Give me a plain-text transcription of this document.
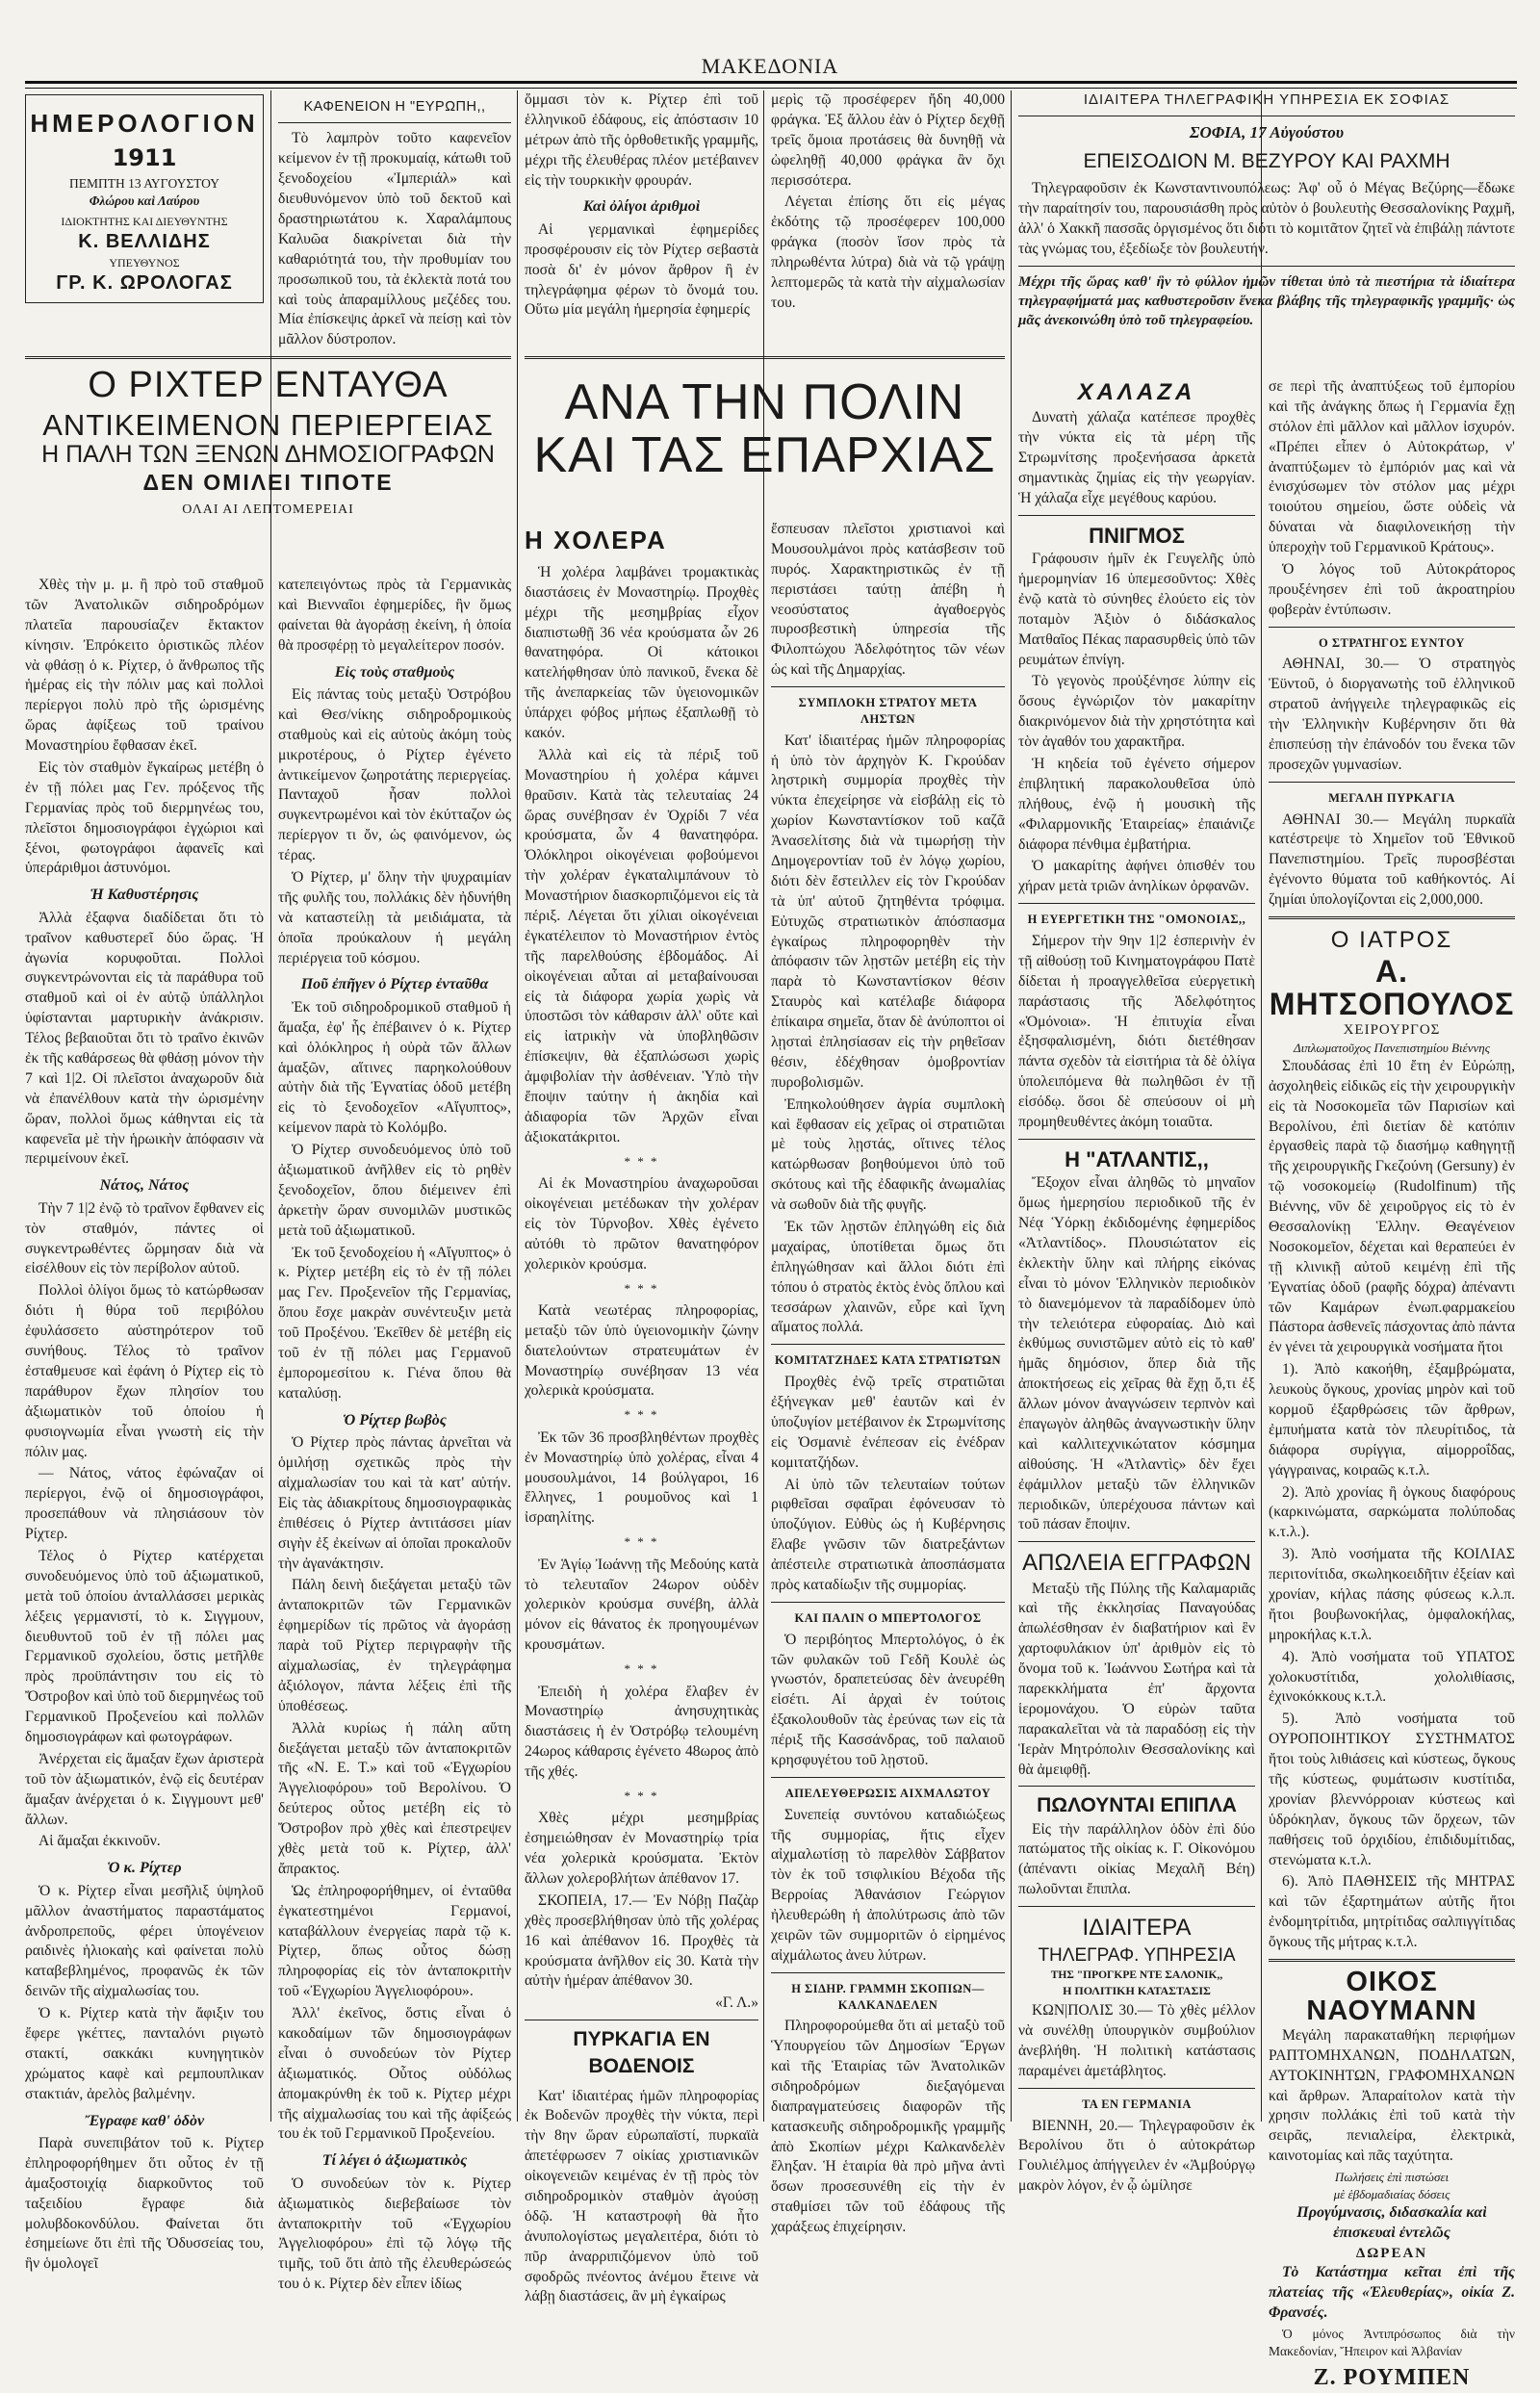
ΜΑΚΕΔΟΝΙΑ
ΗΜΕΡΟΛΟΓΙΟΝ
1911
ΠΕΜΠΤΗ 13 ΑΥΓΟΥΣΤΟΥ
Φλώρου καὶ Λαύρου
ΙΔΙΟΚΤΗΤΗΣ ΚΑΙ ΔΙΕΥΘΥΝΤΗΣ
Κ. ΒΕΛΛΙΔΗΣ
ΥΠΕΥΘΥΝΟΣ
ΓΡ. Κ. ΩΡΟΛΟΓΑΣ
ΚΑΦΕΝΕΙΟΝ Η "ΕΥΡΩΠΗ,,

Τὸ λαμπρὸν τοῦτο καφενεῖον κείμενον ἐν τῇ προκυμαίᾳ, κάτωθι τοῦ ξενοδοχείου «Ἰμπεριάλ» καὶ διευθυνόμενον ὑπὸ τοῦ δεκτοῦ καὶ δραστηριωτάτου κ. Χαραλάμπους Καλυῶα διακρίνεται διὰ τὴν καθαριότητά του, τὴν προθυμίαν του προσωπικοῦ του, τὰ ἐκλεκτὰ ποτά του καὶ τοὺς ἀπαραμίλλους μεζέδες του. Μία ἐπίσκεψις ἀρκεῖ νὰ πείσῃ καὶ τὸν μᾶλλον δύστροπον.

ὅμμασι τὸν κ. Ρίχτερ ἐπὶ τοῦ ἑλληνικοῦ ἐδάφους, εἰς ἀπόστασιν 10 μέτρων ἀπὸ τῆς ὀρθοθετικῆς γραμμῆς, μέχρι τῆς ἐλευθέρας πλέον μετέβαινεν εἰς τὴν τουρκικὴν φρουράν.

Καὶ ὀλίγοι ἀριθμοὶ

Αἱ γερμανικαὶ ἐφημερίδες προσφέρουσιν εἰς τὸν Ρίχτερ σεβαστὰ ποσὰ δι' ἐν μόνον ἄρθρον ἢ ἐν τηλεγράφημα φέρων τὸ ὄνομά του. Οὕτω μία μεγάλη ἡμερησία ἐφημερίς

μερὶς τῷ προσέφερεν ἤδη 40,000 φράγκα. Ἐξ ἄλλου ἐὰν ὁ Ρίχτερ δεχθῇ τρεῖς ὅμοια προτάσεις θὰ δυνηθῇ νὰ ὠφεληθῇ 40,000 φράγκα ἂν ὄχι περισσότερα.

Λέγεται ἐπίσης ὅτι εἰς μέγας ἐκδότης τῷ προσέφερεν 100,000 φράγκα (ποσὸν ἴσον πρὸς τὰ πληρωθέντα λύτρα) διὰ νὰ τῷ γράψῃ λεπτομερῶς τὰ κατὰ τὴν αἰχμαλωσίαν του.

Ο ΡΙΧΤΕΡ ΕΝΤΑΥΘΑ
ΑΝΤΙΚΕΙΜΕΝΟΝ ΠΕΡΙΕΡΓΕΙΑΣ
Η ΠΑΛΗ ΤΩΝ ΞΕΝΩΝ ΔΗΜΟΣΙΟΓΡΑΦΩΝ
ΔΕΝ ΟΜΙΛΕΙ ΤΙΠΟΤΕ
ΟΛΑΙ ΑΙ ΛΕΠΤΟΜΕΡΕΙΑΙ

Χθὲς τὴν μ. μ. ἢ πρὸ τοῦ σταθμοῦ τῶν Ἀνατολικῶν σιδηροδρόμων πλατεῖα παρουσίαζεν ἔκτακτον κίνησιν. Ἐπρόκειτο ὁριστικῶς πλέον νὰ φθάσῃ ὁ κ. Ρίχτερ, ὁ ἄνθρωπος τῆς ἡμέρας εἰς τὴν πόλιν μας καὶ πολλοὶ περίεργοι πολὺ πρὸ τῆς ὡρισμένης ὥρας ἀφίξεως τοῦ τραίνου Μοναστηρίου ἔφθασαν ἐκεῖ.

Εἰς τὸν σταθμὸν ἔγκαίρως μετέβη ὁ ἐν τῇ πόλει μας Γεν. πρόξενος τῆς Γερμανίας πρὸς τοῦ διερμηνέως του, πλεῖστοι δημοσιογράφοι ἐγχώριοι καὶ ξένοι, φωτογράφοι ἀφανεῖς καὶ ὑπεράριθμοι ἀστυνόμοι.

Ἡ Καθυστέρησις

Ἀλλὰ ἐξαφνα διαδίδεται ὅτι τὸ τραῖνον καθυστερεῖ δύο ὥρας. Ἡ ἀγωνία κορυφοῦται. Πολλοὶ συγκεντρώνονται εἰς τὰ παράθυρα τοῦ σταθμοῦ καὶ οἱ ἐν αὐτῷ ὑπάλληλοι ὑφίστανται μαρτυρικὴν ἀνάκρισιν. Τέλος βεβαιοῦται ὅτι τὸ τραῖνο ἐκινῶν ἐκ τῆς καθάρσεως θὰ φθάσῃ μόνον τὴν 7 καὶ 1|2. Οἱ πλεῖστοι ἀναχωροῦν διὰ νὰ ἐπανέλθουν κατὰ τὴν ὡρισμένην ὥραν, πολλοὶ ὅμως κάθηνται εἰς τὰ καφενεῖα μὲ τὴν ἡρωικὴν ἀπόφασιν νὰ περιμείνουν ἐκεῖ.

Νάτος, Νάτος

Τὴν 7 1|2 ἐνῷ τὸ τραῖνον ἔφθανεν εἰς τὸν σταθμόν, πάντες οἱ συγκεντρωθέντες ὥρμησαν διὰ νὰ εἰσέλθουν εἰς τὸν περίβολον αὐτοῦ.

Πολλοὶ ὀλίγοι ὅμως τὸ κατώρθωσαν διότι ἡ θύρα τοῦ περιβόλου ἐφυλάσσετο αὐστηρότερον τοῦ συνήθους. Τέλος τὸ τραῖνον ἐσταθμευσε καὶ ἐφάνη ὁ Ρίχτερ εἰς τὸ παράθυρον ἔχων πλησίον του ἀξιωματικὸν τοῦ ὁποίου ἡ φυσιογνωμία εἶναι γνωστὴ εἰς τὴν πόλιν μας.

— Νάτος, νάτος ἐφώναζαν οἱ περίεργοι, ἐνῷ οἱ δημοσιογράφοι, προσεπάθουν νὰ πλησιάσουν τὸν Ρίχτερ.

Τέλος ὁ Ρίχτερ κατέρχεται συνοδευόμενος ὑπὸ τοῦ ἀξιωματικοῦ, μετὰ τοῦ ὁποίου ἀνταλλάσσει μερικὰς λέξεις γερμανιστί, τὸ κ. Σιγγμουν, διευθυντοῦ τοῦ ἐν τῇ πόλει μας Γερμανικοῦ σχολείου, ὅστις μετῆλθε πρὸς προϋπάντησιν του εἰς τὸ Ὄστροβον καὶ ὑπὸ τοῦ διερμηνέως τοῦ Γερμανικοῦ Προξενείου καὶ πολλῶν δημοσιογράφων καὶ φωτογράφων.

Ἀνέρχεται εἰς ἅμαξαν ἔχων ἀριστερὰ τοῦ τὸν ἀξιωματικόν, ἐνῷ εἰς δευτέραν ἅμαξαν ἀνέρχεται ὁ κ. Σιγγμουντ μεθ' ἄλλων.

Αἱ ἅμαξαι ἐκκινοῦν.

Ὁ κ. Ρίχτερ

Ὁ κ. Ρίχτερ εἶναι μεσῆλιξ ὑψηλοῦ μᾶλλον ἀναστήματος παραστάματος ἀνδροπρεποῦς, φέρει ὑπογένειον ραιδινὲς ἡλιοκαὴς καὶ φαίνεται πολὺ καταβεβλημένος, προφανῶς ἐκ τῶν δεινῶν τῆς αἰχμαλωσίας του.

Ὁ κ. Ρίχτερ κατὰ τὴν ἄφιξιν του ἔφερε γκέττες, πανταλόνι ριγωτὸ στακτί, σακκάκι κυνηγητικὸν χρώματος καφὲ καὶ ρεμπουπλικαν στακτιάν, ἀρελὸς βαλμένην.

Ἔγραφε καθ' ὁδὸν

Παρὰ συνεπιβάτον τοῦ κ. Ρίχτερ ἐπληροφορήθημεν ὅτι οὗτος ἐν τῇ ἀμαξοστοιχίᾳ διαρκοῦντος τοῦ ταξειδίου ἔγραφε διὰ μολυβδοκονδύλου. Φαίνεται ὅτι ἐσημείωνε ὅτι ἐπὶ τῆς Ὀδυσσείας του, ἣν ὁμολογεῖ

κατεπειγόντως πρὸς τὰ Γερμανικὰς καὶ Βιενναῖοι ἐφημερίδες, ἣν ὅμως φαίνεται θὰ ἀγοράσῃ ἐκείνη, ἡ ὁποία θὰ προσφέρῃ τὸ μεγαλείτερον ποσόν.

Εἰς τοὺς σταθμοὺς

Εἰς πάντας τοὺς μεταξὺ Ὀστρόβου καὶ Θεσ/νίκης σιδηροδρομικοὺς σταθμοὺς καὶ εἰς αὐτοὺς ἀκόμη τοὺς μικροτέρους, ὁ Ρίχτερ ἐγένετο ἀντικείμενον ζωηροτάτης περιεργείας. Πανταχοῦ ἦσαν πολλοὶ συγκεντρωμένοι καὶ τὸν ἐκύτταζον ὡς περίεργον τι ὄν, ὡς φαινόμενον, ὡς τέρας.

Ὁ Ρίχτερ, μ' ὅλην τὴν ψυχραιμίαν τῆς φυλῆς του, πολλάκις δὲν ἠδυνήθη νὰ καταστείλῃ τὰ μειδιάματα, τὰ ὁποῖα προύκαλουν ἡ μεγάλη περιέργεια τοῦ κόσμου.

Ποῦ ἐπῆγεν ὁ Ρίχτερ ἐνταῦθα

Ἐκ τοῦ σιδηροδρομικοῦ σταθμοῦ ἡ ἅμαξα, ἐφ' ἧς ἐπέβαινεν ὁ κ. Ρίχτερ καὶ ὁλόκληρος ἡ οὐρὰ τῶν ἄλλων ἁμαξῶν, αἵτινες παρηκολούθουν αὐτὴν διὰ τῆς Ἐγνατίας ὁδοῦ μετέβη εἰς τὸ ξενοδοχεῖον «Αἴγυπτος», κείμενον παρὰ τὸ Κολόμβο.

Ὁ Ρίχτερ συνοδευόμενος ὑπὸ τοῦ ἀξιωματικοῦ ἀνῆλθεν εἰς τὸ ρηθὲν ξενοδοχεῖον, ὅπου διέμεινεν ἐπὶ ἀρκετὴν ὥραν συνομιλῶν μυστικῶς μετὰ τοῦ ἀξιωματικοῦ.

Ἐκ τοῦ ξενοδοχείου ἡ «Αἴγυπτος» ὁ κ. Ρίχτερ μετέβη εἰς τὸ ἐν τῇ πόλει μας Γεν. Προξενεῖον τῆς Γερμανίας, ὅπου ἔσχε μακρὰν συνέντευξιν μετὰ τοῦ Προξένου. Ἐκεῖθεν δὲ μετέβη εἰς τοῦ ἐν τῇ πόλει μας Γερμανοῦ ἐμπορομεσίτου κ. Γιένα ὅπου θὰ καταλύσῃ.

Ὁ Ρίχτερ βωβὸς

Ὁ Ρίχτερ πρὸς πάντας ἀρνεῖται νὰ ὁμιλήσῃ σχετικῶς πρὸς τὴν αἰχμαλωσίαν του καὶ τὰ κατ' αὐτήν. Εἰς τὰς ἀδιακρίτους δημοσιογραφικὰς ἐπιθέσεις ὁ Ρίχτερ ἀντιτάσσει μίαν σιγὴν ἐξ ἐκείνων αἱ ὁποῖαι προκαλοῦν τὴν ἀγανάκτησιν.

Πάλη δεινὴ διεξάγεται μεταξὺ τῶν ἀνταποκριτῶν τῶν Γερμανικῶν ἐφημερίδων τίς πρῶτος νὰ ἀγοράσῃ παρὰ τοῦ Ρίχτερ περιγραφὴν τῆς αἰχμαλωσίας, ἐν τηλεγράφημα ἀξιόλογον, πάντα λέξεις ἐπὶ τῆς ὑποθέσεως.

Ἀλλὰ κυρίως ἡ πάλη αὕτη διεξάγεται μεταξὺ τῶν ἀνταποκριτῶν τῆς «Ν. Ε. Τ.» καὶ τοῦ «Ἐγχωρίου Ἀγγελιοφόρου» τοῦ Βερολίνου. Ὁ δεύτερος οὗτος μετέβη εἰς τὸ Ὄστροβον πρὸ χθὲς καὶ ἐπεστρεψεν χθὲς μετὰ τοῦ κ. Ρίχτερ, ἀλλ' ἄπρακτος.

Ὡς ἐπληροφορήθημεν, οἱ ἐνταῦθα ἐγκατεστημένοι Γερμανοί, καταβάλλουν ἐνεργείας παρὰ τῷ κ. Ρίχτερ, ὅπως οὗτος δώσῃ πληροφορίας εἰς τὸν ἀνταποκριτὴν τοῦ «Ἐγχωρίου Ἀγγελιοφόρου».

Ἀλλ' ἐκεῖνος, ὅστις εἶναι ὁ κακοδαίμων τῶν δημοσιογράφων εἶναι ὁ συνοδεύων τὸν Ρίχτερ ἀξιωματικός. Οὗτος οὐδόλως ἀπομακρύνθη ἐκ τοῦ κ. Ρίχτερ μέχρι τῆς αἰχμαλωσίας του καὶ τῆς ἀφίξεώς του ἐκ τοῦ Γερμανικοῦ Προξενείου.

Τί λέγει ὁ ἀξιωματικὸς

Ὁ συνοδεύων τὸν κ. Ρίχτερ ἀξιωματικὸς διεβεβαίωσε τὸν ἀνταποκριτὴν τοῦ «Ἐγχωρίου Ἀγγελιοφόρου» ἐπὶ τῷ λόγῳ τῆς τιμῆς, τοῦ ὅτι ἀπὸ τῆς ἐλευθερώσεώς του ὁ κ. Ρίχτερ δὲν εἶπεν ἰδίως

ΑΝΑ ΤΗΝ ΠΟΛΙΝ
ΚΑΙ ΤΑΣ ΕΠΑΡΧΙΑΣ
Η ΧΟΛΕΡΑ

Ἡ χολέρα λαμβάνει τρομακτικὰς διαστάσεις ἐν Μοναστηρίῳ. Προχθὲς μέχρι τῆς μεσημβρίας εἶχον διαπιστωθῇ 36 νέα κρούσματα ὧν 26 θανατηφόρα. Οἱ κάτοικοι κατελήφθησαν ὑπὸ πανικοῦ, ἕνεκα δὲ τῆς ἀνεπαρκείας τῶν ὑγειονομικῶν ὑπάρχει φόβος μήπως ἐξαπλωθῇ τὸ κακόν.

Ἀλλὰ καὶ εἰς τὰ πέριξ τοῦ Μοναστηρίου ἡ χολέρα κάμνει θραῦσιν. Κατὰ τὰς τελευταίας 24 ὥρας συνέβησαν ἐν Ὀχρίδι 7 νέα κρούσματα, ὧν 4 θανατηφόρα. Ὁλόκληροι οἰκογένειαι φοβούμενοι τὴν χολέραν ἐγκαταλιμπάνουν τὸ Μοναστήριον διασκορπιζόμενοι εἰς τὰ πέριξ. Λέγεται ὅτι χίλιαι οἰκογένειαι ἐγκατέλειπον τὸ Μοναστήριον ἐντὸς τῆς παρελθούσης ἑβδομάδος. Αἱ οἰκογένειαι αὗται αἱ μεταβαίνουσαι εἰς τὰ διάφορα χωρία χωρὶς νὰ ὑποστῶσι τὸν κάθαρσιν ἀλλ' οὔτε καὶ εἰς ἰατρικὴν νὰ ὑποβληθῶσιν ἐπίσκεψιν, θὰ ἐξαπλώσωσι χωρὶς ἀμφιβολίαν τὴν ἀσθένειαν. Ὑπὸ τὴν ἔποψιν ταύτην ἡ ἀκηδία καὶ ἀδιαφορία τῶν Ἀρχῶν εἶναι ἀξιοκατάκριτοι.

* * *

Αἱ ἐκ Μοναστηρίου ἀναχωροῦσαι οἰκογένειαι μετέδωκαν τὴν χολέραν εἰς τὸν Τύρνοβον. Χθὲς ἐγένετο αὐτόθι τὸ πρῶτον θανατηφόρον χολερικὸν κρούσμα.

* * *

Κατὰ νεωτέρας πληροφορίας, μεταξὺ τῶν ὑπὸ ὑγειονομικὴν ζώνην διατελούντων στρατευμάτων ἐν Μοναστηρίῳ συνέβησαν 13 νέα χολερικὰ κρούσματα.

* * *

Ἐκ τῶν 36 προσβληθέντων προχθὲς ἐν Μοναστηρίῳ ὑπὸ χολέρας, εἶναι 4 μουσουλμάνοι, 14 βούλγαροι, 16 ἕλληνες, 1 ρουμοῦνος καὶ 1 ἰσραηλίτης.

* * *

Ἐν Ἁγίῳ Ἰωάννῃ τῆς Μεδούης κατὰ τὸ τελευταῖον 24ωρον οὐδὲν χολερικὸν κρούσμα συνέβη, ἀλλὰ μόνον εἰς θάνατος ἐκ προηγουμένων κρουσμάτων.

* * *

Ἐπειδὴ ἡ χολέρα ἔλαβεν ἐν Μοναστηρίῳ ἀνησυχητικὰς διαστάσεις ἡ ἐν Ὀστρόβῳ τελουμένη 24ωρος κάθαρσις ἐγένετο 48ωρος ἀπὸ τῆς χθές.

* * *

Χθὲς μέχρι μεσημβρίας ἐσημειώθησαν ἐν Μοναστηρίῳ τρία νέα χολερικὰ κρούσματα. Ἐκτὸν ἄλλων χολεροβλήτων ἀπέθανον 17.

ΣΚΟΠΕΙΑ, 17.— Ἐν Νόβῃ Παζὰρ χθὲς προσεβλήθησαν ὑπὸ τῆς χολέρας 16 καὶ ἀπέθανον 16. Προχθὲς τὰ κρούσματα ἀνῆλθον εἰς 30. Κατὰ τὴν αὐτὴν ἡμέραν ἀπέθανον 30.

«Γ. Λ.»
ΠΥΡΚΑΓΙΑ ΕΝ ΒΟΔΕΝΟΙΣ

Κατ' ἰδιαιτέρας ἡμῶν πληροφορίας ἐκ Βοδενῶν προχθὲς τὴν νύκτα, περὶ τὴν 8ην ὥραν εὐρωπαϊστί, πυρκαϊὰ ἀπετέφρωσεν 7 οἰκίας χριστιανικῶν οἰκογενειῶν κειμένας ἐν τῇ πρὸς τὸν σιδηροδρομικὸν σταθμὸν ἀγούσῃ ὁδῷ. Ἡ καταστροφὴ θὰ ἦτο ἀνυπολογίστως μεγαλειτέρα, διότι τὸ πῦρ ἀναρριπιζόμενον ὑπὸ τοῦ σφοδρῶς πνέοντος ἀνέμου ἔτεινε νὰ λάβῃ διαστάσεις, ἂν μὴ ἐγκαίρως

ἔσπευσαν πλεῖστοι χριστιανοὶ καὶ Μουσουλμάνοι πρὸς κατάσβεσιν τοῦ πυρός. Χαρακτηριστικῶς ἐν τῇ περιστάσει ταύτῃ ἀπέβη ἡ νεοσύστατος ἀγαθοεργὸς πυροσβεστικὴ ὑπηρεσία τῆς Φιλοπτώχου Ἀδελφότητος τῶν νέων ὡς καὶ τῆς Δημαρχίας.

ΣΥΜΠΛΟΚΗ ΣΤΡΑΤΟΥ ΜΕΤΑ ΛΗΣΤΩΝ

Κατ' ἰδιαιτέρας ἡμῶν πληροφορίας ἡ ὑπὸ τὸν ἀρχηγὸν Κ. Γκρούδαν ληστρικὴ συμμορία προχθὲς τὴν νύκτα ἐπεχείρησε νὰ εἰσβάλῃ εἰς τὸ χωρίον Κωνσταντίσκον τοῦ καζᾶ Ἀνασελίτσης διὰ νὰ τιμωρήσῃ τὴν Δημογεροντίαν τοῦ ἐν λόγῳ χωρίου, διότι δὲν ἔστειλλεν εἰς τὸν Γκρούδαν τὰ ὑπ' αὐτοῦ ζητηθέντα τρόφιμα. Εὐτυχῶς στρατιωτικὸν ἀπόσπασμα ἐγκαίρως πληροφορηθὲν τὴν ἀπόφασιν τῶν λῃστῶν μετέβη εἰς τὴν παρὰ τὸ Κωνσταντίσκον θέσιν Σταυρὸς καὶ κατέλαβε διάφορα ἐπίκαιρα σημεῖα, ὅταν δὲ ἀνύποπτοι οἱ λῃσταὶ ἐπλησίασαν εἰς τὴν ρηθεῖσαν θέσιν, ἐδέχθησαν ὁμοβροντίαν πυροβολισμῶν.

Ἐπηκολούθησεν ἀγρία συμπλοκὴ καὶ ἔφθασαν εἰς χεῖρας οἱ στρατιῶται μὲ τοὺς λῃστάς, οἵτινες τέλος κατώρθωσαν βοηθούμενοι ὑπὸ τοῦ σκότους καὶ τῆς ἐδαφικῆς ἀνωμαλίας νὰ σωθοῦν διὰ τῆς φυγῆς.

Ἐκ τῶν λῃστῶν ἐπληγώθη εἰς διὰ μαχαίρας, ὑποτίθεται ὅμως ὅτι ἐπληγώθησαν καὶ ἄλλοι διότι ἐπὶ τόπου ὁ στρατὸς ἐκτὸς ἑνὸς ὅπλου καὶ τεσσάρων χλαινῶν, εὗρε καὶ ἴχνη αἵματος πολλά.

ΚΟΜΙΤΑΤΖΗΔΕΣ ΚΑΤΑ ΣΤΡΑΤΙΩΤΩΝ

Προχθὲς ἐνῷ τρεῖς στρατιῶται ἐξήνεγκαν μεθ' ἑαυτῶν καὶ ἐν ὑποζυγίον μετέβαινον ἐκ Στρωμνίτσης εἰς Ὀσμανιὲ ἐνέπεσαν εἰς ἐνέδραν κομιτατζήδων.

Αἱ ὑπὸ τῶν τελευταίων τούτων ριφθεῖσαι σφαῖραι ἐφόνευσαν τὸ ὑποζύγιον. Εὐθὺς ὡς ἡ Κυβέρνησις ἔλαβε γνῶσιν τῶν διατρεξάντων ἀπέστειλε στρατιωτικὰ ἀποσπάσματα πρὸς καταδίωξιν τῆς συμμορίας.

ΚΑΙ ΠΑΛΙΝ Ο ΜΠΕΡΤΟΛΟΓΟΣ

Ὁ περιβόητος Μπερτολόγος, ὁ ἐκ τῶν φυλακῶν τοῦ Γεδῆ Κουλὲ ὡς γνωστόν, δραπετεύσας δὲν ἀνευρέθη εἰσέτι. Αἱ ἀρχαὶ ἐν τούτοις ἐξακολουθοῦν τὰς ἐρεύνας των εἰς τὰ πέριξ τῆς Κασσάνδρας, τοῦ παλαιοῦ κρησφυγέτου τοῦ λῃστοῦ.

ΑΠΕΛΕΥΘΕΡΩΣΙΣ ΑΙΧΜΑΛΩΤΟΥ

Συνεπείᾳ συντόνου καταδιώξεως τῆς συμμορίας, ἥτις εἶχεν αἰχμαλωτίσῃ τὸ παρελθὸν Σάββατον τὸν ἐκ τοῦ τσιφλικίου Βέχοδα τῆς Βερροίας Ἀθανάσιον Γεώργιον ἠλευθερώθη ἡ ἀπολύτρωσις ἀπὸ τῶν χειρῶν τῶν συμμοριτῶν ὁ εἰρημένος αἰχμάλωτος ἀνευ λύτρων.

Η ΣΙΔΗΡ. ΓΡΑΜΜΗ ΣΚΟΠΙΩΝ—ΚΑΛΚΑΝΔΕΛΕΝ

Πληροφορούμεθα ὅτι αἱ μεταξὺ τοῦ Ὑπουργείου τῶν Δημοσίων Ἔργων καὶ τῆς Ἑταιρίας τῶν Ἀνατολικῶν σιδηροδρόμων διεξαγόμεναι διαπραγματεύσεις διαφορῶν τῆς κατασκευῆς σιδηροδρομικῆς γραμμῆς ἀπὸ Σκοπίων μέχρι Καλκανδελὲν ἔληξαν. Ἡ ἑταιρία θὰ πρὸ μῆνα ἀντὶ ὅσων προσεσυνέθη εἰς τὴν ἐν σταθμίσει τῶν τοῦ ἐδάφους τῆς χαράξεως ἐπιχείρησιν.

ΙΔΙΑΙΤΕΡΑ ΤΗΛΕΓΡΑΦΙΚΗ ΥΠΗΡΕΣΙΑ ΕΚ ΣΟΦΙΑΣ
ΣΟΦΙΑ, 17 Αὐγούστου
ΕΠΕΙΣΟΔΙΟΝ Μ. ΒΕΖΥΡΟΥ ΚΑΙ ΡΑΧΜΗ

Τηλεγραφοῦσιν ἐκ Κωνσταντινουπόλεως: Ἀφ' οὗ ὁ Μέγας Βεζύρης—ἔδωκε τὴν παραίτησίν του, παρουσιάσθη πρὸς αὐτὸν ὁ βουλευτὴς Θεσσαλονίκης Ραχμῆ, ἀλλ' ὁ Χακκῆ πασσᾶς ὀργισμένος ὅτι διότι τὸ κομιτᾶτον ζητεῖ νὰ ἐπιβάλῃ πάντοτε τὰς γνώμας του, ἐξεδίωξε τὸν βουλευτήν.

Μέχρι τῆς ὥρας καθ' ἣν τὸ φύλλον ἡμῶν τίθεται ὑπὸ τὰ πιεστήρια τὰ ἰδιαίτερα τηλεγραφήματά μας καθυστεροῦσιν ἕνεκα βλάβης τῆς τηλεγραφικῆς γραμμῆς· ὡς μᾶς ἀνεκοινώθη ὑπὸ τοῦ τηλεγραφείου.

ΧΑΛΑΖΑ

Δυνατὴ χάλαζα κατέπεσε προχθὲς τὴν νύκτα εἰς τὰ μέρη τῆς Στρωμνίτσης προξενήσασα ἀρκετὰ σημαντικὰς ζημίας εἰς τὴν γεωργίαν. Ἡ χάλαζα εἶχε μεγέθους καρύου.

ΠΝΙΓΜΟΣ

Γράφουσιν ἡμῖν ἐκ Γευγελῆς ὑπὸ ἡμερομηνίαν 16 ὑπεμεσοῦντος: Χθὲς ἐνῷ κατὰ τὸ σύνηθες ἐλούετο εἰς τὸν ποταμὸν Ἀξιὸν ὁ διδάσκαλος Ματθαῖος Πέκας παρασυρθεὶς ὑπὸ τῶν ρευμάτων ἐπνίγη.

Τὸ γεγονὸς προὐξένησε λύπην εἰς ὅσους ἐγνώριζον τὸν μακαρίτην διακρινόμενον διὰ τὴν χρηστότητα καὶ τὸν ἀγαθόν του χαρακτῆρα.

Ἡ κηδεία τοῦ ἐγένετο σήμερον ἐπιβλητική παρακολουθεῖσα ὑπὸ πλήθους, ἐνῷ ἡ μουσικὴ τῆς «Φιλαρμονικῆς Ἑταιρείας» ἐπαιάνιζε διάφορα πένθιμα ἐμβατήρια.

Ὁ μακαρίτης ἀφήνει ὀπισθέν του χήραν μετὰ τριῶν ἀνηλίκων ὀρφανῶν.

Η ΕΥΕΡΓΕΤΙΚΗ ΤΗΣ "ΟΜΟΝΟΙΑΣ,,

Σήμερον τὴν 9ην 1|2 ἑσπερινὴν ἐν τῇ αἰθούσῃ τοῦ Κινηματογράφου Πατὲ δίδεται ἡ προαγγελθεῖσα εὐεργετικὴ παράστασις τῆς Ἀδελφότητος «Ὁμόνοια». Ἡ ἐπιτυχία εἶναι ἐξησφαλισμένη, διότι διετέθησαν πάντα σχεδὸν τὰ εἰσιτήρια τὰ δὲ ὀλίγα ὑπολειπόμενα θὰ πωληθῶσι ἐν τῇ εἰσόδῳ. ὅσοι δὲ σπεύσουν οἱ μὴ προμηθευθέντες ἀκόμη τοιαῦτα.

Η "ΑΤΛΑΝΤΙΣ,,

Ἔξοχον εἶναι ἀληθῶς τὸ μηναῖον ὅμως ἡμερησίου περιοδικοῦ τῆς ἐν Νέᾳ Ὑόρκῃ ἐκδιδομένης ἐφημερίδος «Ἀτλαντίδος». Πλουσιώτατον εἰς ἐκλεκτὴν ὕλην καὶ πλήρης εἰκόνας εἶναι τὸ μόνον Ἑλληνικὸν περιοδικὸν τὸ διανεμόμενον τὰ παραδίδομεν ὑπὸ τὴν τελειότερα εὐφοραίας. Διὸ καὶ ἐκθύμως συνιστῶμεν αὐτὸ εἰς τὸ καθ' ἡμᾶς δημόσιον, ὅπερ διὰ τῆς ἀποκτήσεως εἰς χεῖρας θὰ ἔχῃ ὅ,τι ἐξ ἄλλων μόνον ἀναγνώσειν τερπνὸν καὶ ἐπαγωγὸν ἀληθῶς ἀναγνωστικὴν ὕλην καὶ καλλιτεχνικώτατον κόσμημα αἰθούσης. Ἡ «Ἀτλαντὶς» δὲν ἔχει ἐφάμιλλον μεταξὺ τῶν ἑλληνικῶν περιοδικῶν, ὑπερέχουσα πάντων καὶ τοῦ πάσαν ἔποψιν.

ΑΠΩΛΕΙΑ ΕΓΓΡΑΦΩΝ

Μεταξὺ τῆς Πύλης τῆς Καλαμαριᾶς καὶ τῆς ἐκκλησίας Παναγούδας ἀπωλέσθησαν ἐν διαβατήριον καὶ ἓν χαρτοφυλάκιον ὑπ' ἀριθμὸν εἰς τὸ ὄνομα τοῦ κ. Ἰωάννου Σωτήρα καὶ τὰ παρεκκλήματα ἐπ' ἄρχοντα ἱερομονάχου. Ὁ εὑρὼν ταῦτα παρακαλεῖται νὰ τὰ παραδόσῃ εἰς τὴν Ἱερὰν Μητρόπολιν Θεσσαλονίκης καὶ θὰ ἀμειφθῇ.

ΠΩΛΟΥΝΤΑΙ ΕΠΙΠΛΑ

Εἰς τὴν παράλληλον ὁδὸν ἐπὶ δύο πατώματος τῆς οἰκίας κ. Γ. Οἰκονόμου (ἀπέναντι οἰκίας Μεχαλῆ Βέη) πωλοῦνται ἔπιπλα.

ΙΔΙΑΙΤΕΡΑ
ΤΗΛΕΓΡΑΦ. ΥΠΗΡΕΣΙΑ
ΤΗΣ "ΠΡΟΓΚΡΕ ΝΤΕ ΣΑΛΟΝΙΚ,,
Η ΠΟΛΙΤΙΚΗ ΚΑΤΑΣΤΑΣΙΣ

ΚΩΝ|ΠΟΛΙΣ 30.— Τὸ χθὲς μέλλον νὰ συνέλθῃ ὑπουργικὸν συμβούλιον ἀνεβλήθη. Ἡ πολιτικὴ κατάστασις παραμένει ἀμετάβλητος.

ΤΑ ΕΝ ΓΕΡΜΑΝΙΑ

ΒΙΕΝΝΗ, 20.— Τηλεγραφοῦσιν ἐκ Βερολίνου ὅτι ὁ αὐτοκράτωρ Γουλιέλμος ἀπήγγειλεν ἐν «Ἀμβούργῳ μακρὸν λόγον, ἐν ᾧ ὡμίλησε

σε περὶ τῆς ἀναπτύξεως τοῦ ἐμπορίου καὶ τῆς ἀνάγκης ὅπως ἡ Γερμανία ἔχῃ στόλον ἐπὶ μᾶλλον καὶ μᾶλλον ἰσχυρόν. «Πρέπει εἶπεν ὁ Αὐτοκράτωρ, ν' ἀναπτύξωμεν τὸ ἐμπόριόν μας καὶ νὰ ἐνισχύσωμεν τὸν στόλον μας μέχρι τοιούτου σημείου, ὥστε οὐδεὶς νὰ δύναται νὰ διαφιλονεικήσῃ τὴν ὑπεροχὴν τοῦ Γερμανικοῦ Κράτους».

Ὁ λόγος τοῦ Αὐτοκράτορος προυξένησεν ἐπὶ τοῦ ἀκροατηρίου φοβερὰν ἐντύπωσιν.

Ο ΣΤΡΑΤΗΓΟΣ ΕΥΝΤΟΥ

ΑΘΗΝΑΙ, 30.— Ὁ στρατηγὸς Ἐϋντοῦ, ὁ διοργανωτὴς τοῦ ἑλληνικοῦ στρατοῦ ἀνήγγειλε τηλεγραφικῶς εἰς τὴν Ἑλληνικὴν Κυβέρνησιν ὅτι θὰ ἐπισπεύσῃ τὴν ἐπάνοδόν του ἕνεκα τῶν προσεχῶν γυμνασίων.

ΜΕΓΑΛΗ ΠΥΡΚΑΓΙΑ

ΑΘΗΝΑΙ 30.— Μεγάλη πυρκαϊὰ κατέστρεψε τὸ Χημεῖον τοῦ Ἐθνικοῦ Πανεπιστημίου. Τρεῖς πυροσβέσται ἐγένοντο θύματα τοῦ καθήκοντός. Αἱ ζημίαι ὑπολογίζονται εἰς 2,000,000.

Ο ΙΑΤΡΟΣ
Α. ΜΗΤΣΟΠΟΥΛΟΣ
ΧΕΙΡΟΥΡΓΟΣ
Διπλωματοῦχος Πανεπιστημίου Βιέννης

Σπουδάσας ἐπὶ 10 ἔτη ἐν Εὐρώπῃ, ἀσχοληθεὶς εἰδικῶς εἰς τὴν χειρουργικὴν εἰς τὰ Νοσοκομεῖα τῶν Παρισίων καὶ Βερολίνου, ἐπὶ διετίαν δὲ κατόπιν ἐργασθεὶς παρὰ τῷ διασήμῳ καθηγητῇ τῆς χειρουργικῆς Γκεζούνη (Gersuny) ἐν τῷ νοσοκομείῳ (Rudolfinum) τῆς Βιέννης, νῦν δὲ χειροῦργος εἰς τὸ ἐν Θεσσαλονίκῃ Ἑλλην. Θεαγένειον Νοσοκομεῖον, δέχεται καὶ θεραπεύει ἐν τῇ κλινικῇ αὐτοῦ κειμένῃ ἐπὶ τῆς Ἐγνατίας ὁδοῦ (ραφῆς δόχρα) ἀπέναντι τῶν Καμάρων ἐνωπ.φαρμακείου Πάστορα ἀσθενεῖς πάσχοντας ἀπὸ πάντα ἐν γένει τὰ χειρουργικὰ νοσήματα ἤτοι

1). Ἀπὸ κακοήθη, ἐξαμβρώματα, λευκοὺς ὄγκους, χρονίας μηρὸν καὶ τοῦ κορμοῦ ἐξαρθρώσεις τῶν ἄρθρων, ἐμπυήματα κατὰ τὸν πλευρίτιδος, τὰ διάφορα συρίγγια, αἱμορροΐδας, γάγγραινας, κοιραῶς κ.τ.λ.

2). Ἀπὸ χρονίας ἢ ὀγκους διαφόρους (καρκινώματα, σαρκώματα πολύποδας κ.τ.λ.).

3). Ἀπὸ νοσήματα τῆς ΚΟΙΛΙΑΣ περιτονίτιδα, σκωληκοειδῆτιν ἐξείαν καὶ χρονίαν, κήλας πάσης φύσεως κ.λ.π. ἤτοι βουβωνοκήλας, ὀμφαλοκήλας, μηροκήλας κ.τ.λ.

4). Ἀπὸ νοσήματα τοῦ ΥΠΑΤΟΣ χολοκυστίτιδα, χολολιθίασις, ἐχινοκόκκους κ.τ.λ.

5). Ἀπὸ νοσήματα τοῦ ΟΥΡΟΠΟΙΗΤΙΚΟΥ ΣΥΣΤΗΜΑΤΟΣ ἤτοι τοὺς λιθιάσεις καὶ κύστεως, ὄγκους τῆς κύστεως, φυμάτωσιν κυστίτιδα, χρονίαν βλεννόρροιαν κύστεως καὶ ὑδρόκηλαν, ὄγκους τῶν ὄρχεων, τῶν παθήσεις τοῦ ὀρχιδίου, ἐπιδιδυμίτιδας, στενώματα κ.τ.λ.

6). Ἀπὸ ΠΑΘΗΣΕΙΣ τῆς ΜΗΤΡΑΣ καὶ τῶν ἐξαρτημάτων αὐτῆς ἤτοι ἐνδομητρίτιδα, μητρίτιδας σαλπιγγίτιδας ὄγκους τῆς μήτρας κ.τ.λ.

ΟΙΚΟΣ ΝΑΟΥΜΑΝΝ

Μεγάλη παρακαταθήκη περιφήμων ΡΑΠΤΟΜΗΧΑΝΩΝ, ΠΟΔΗΛΑΤΩΝ, ΑΥΤΟΚΙΝΗΤΩΝ, ΓΡΑΦΟΜΗΧΑΝΩΝ καὶ ἄρθρων. Ἀπαραίτολον κατὰ τὴν χρησιν πολλάκις ἐπὶ τοῦ κατὰ τὴν σειρᾶς, πενιαλείρα, ἐλεκτρικὰ, καινοτομίας καὶ πᾶς ταχύτητα.

Πωλήσεις ἐπὶ πιστώσει
μὲ ἑβδομαδιαίας δόσεις
Προγύμνασις, διδασκαλία καὶ ἐπισκευαὶ ἐντελῶς
ΔΩΡΕΑΝ

Τὸ Κατάστημα κεῖται ἐπὶ τῆς πλατείας τῆς «Ἐλευθερίας», οἰκία Ζ. Φρανσές.

Ὁ μόνος Ἀντιπρόσωπος διὰ τὴν Μακεδονίαν, Ἤπειρον καὶ Ἀλβανίαν

Ζ. ΡΟΥΜΠΕΝ
